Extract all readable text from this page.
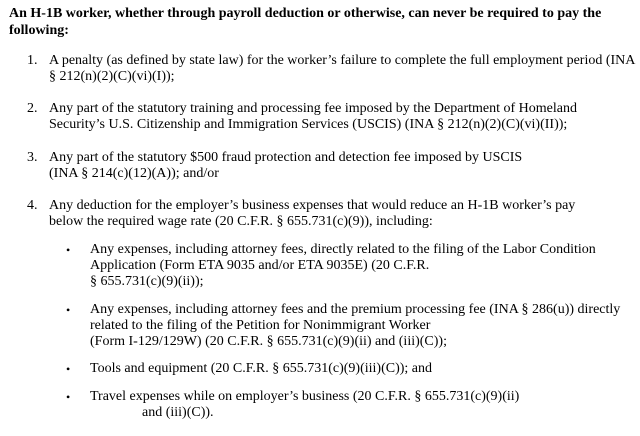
An H-1B worker, whether through payroll deduction or otherwise, can never be required to pay the
following:
1. A penalty (as defined by state law) for the worker’s failure to complete the full employment period (INA
§ 212(n)(2)(C)(vi)(I));
2. Any part of the statutory training and processing fee imposed by the Department of Homeland
Security’s U.S. Citizenship and Immigration Services (USCIS) (INA § 212(n)(2)(C)(vi)(II));
3. Any part of the statutory $500 fraud protection and detection fee imposed by USCIS
(INA § 214(c)(12)(A)); and/or
4. Any deduction for the employer’s business expenses that would reduce an H-1B worker’s pay
below the required wage rate (20 C.F.R. § 655.731(c)(9)), including:
• Any expenses, including attorney fees, directly related to the filing of the Labor Condition
Application (Form ETA 9035 and/or ETA 9035E) (20 C.F.R.
§ 655.731(c)(9)(ii));
• Any expenses, including attorney fees and the premium processing fee (INA § 286(u)) directly
related to the filing of the Petition for Nonimmigrant Worker
(Form I-129/129W) (20 C.F.R. § 655.731(c)(9)(ii) and (iii)(C));
• Tools and equipment (20 C.F.R. § 655.731(c)(9)(iii)(C)); and
• Travel expenses while on employer’s business (20 C.F.R. § 655.731(c)(9)(ii)
and (iii)(C)).
